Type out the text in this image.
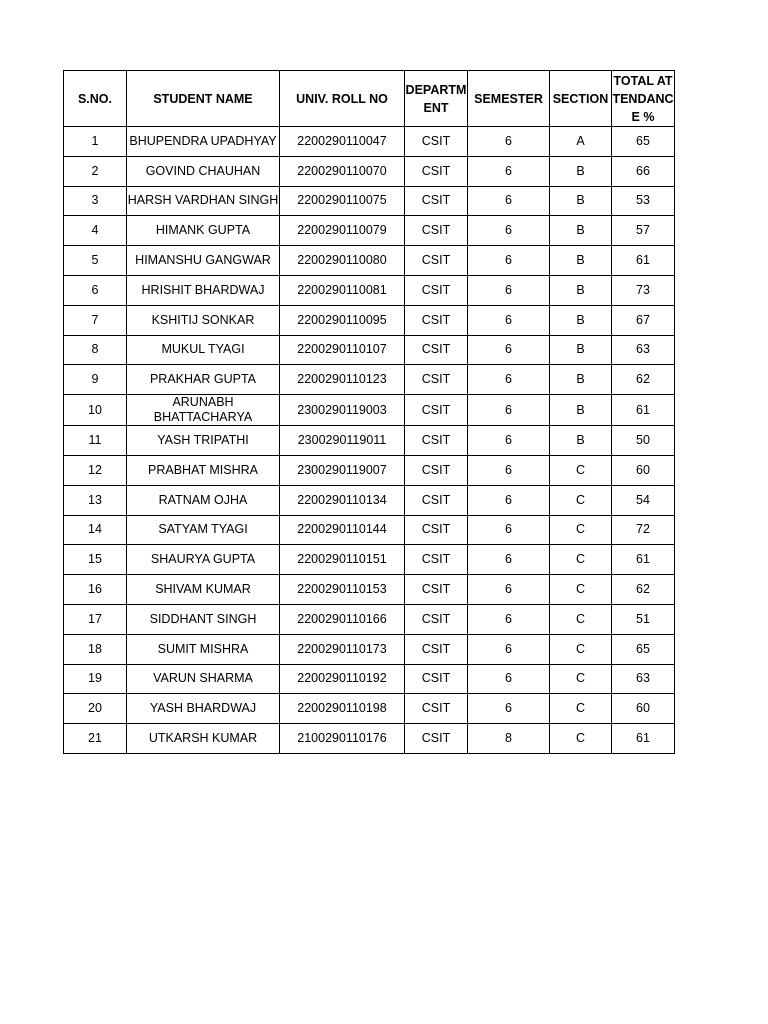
S.NO.	STUDENT NAME	UNIV. ROLL NO	DEPARTMENT	SEMESTER	SECTION	TOTAL ATTENDANCE %
1	BHUPENDRA UPADHYAY	2200290110047	CSIT	6	A	65
2	GOVIND CHAUHAN	2200290110070	CSIT	6	B	66
3	HARSH VARDHAN SINGH	2200290110075	CSIT	6	B	53
4	HIMANK GUPTA	2200290110079	CSIT	6	B	57
5	HIMANSHU GANGWAR	2200290110080	CSIT	6	B	61
6	HRISHIT BHARDWAJ	2200290110081	CSIT	6	B	73
7	KSHITIJ SONKAR	2200290110095	CSIT	6	B	67
8	MUKUL TYAGI	2200290110107	CSIT	6	B	63
9	PRAKHAR GUPTA	2200290110123	CSIT	6	B	62
10	ARUNABH BHATTACHARYA	2300290119003	CSIT	6	B	61
11	YASH TRIPATHI	2300290119011	CSIT	6	B	50
12	PRABHAT MISHRA	2300290119007	CSIT	6	C	60
13	RATNAM OJHA	2200290110134	CSIT	6	C	54
14	SATYAM TYAGI	2200290110144	CSIT	6	C	72
15	SHAURYA GUPTA	2200290110151	CSIT	6	C	61
16	SHIVAM KUMAR	2200290110153	CSIT	6	C	62
17	SIDDHANT SINGH	2200290110166	CSIT	6	C	51
18	SUMIT MISHRA	2200290110173	CSIT	6	C	65
19	VARUN SHARMA	2200290110192	CSIT	6	C	63
20	YASH BHARDWAJ	2200290110198	CSIT	6	C	60
21	UTKARSH KUMAR	2100290110176	CSIT	8	C	61
